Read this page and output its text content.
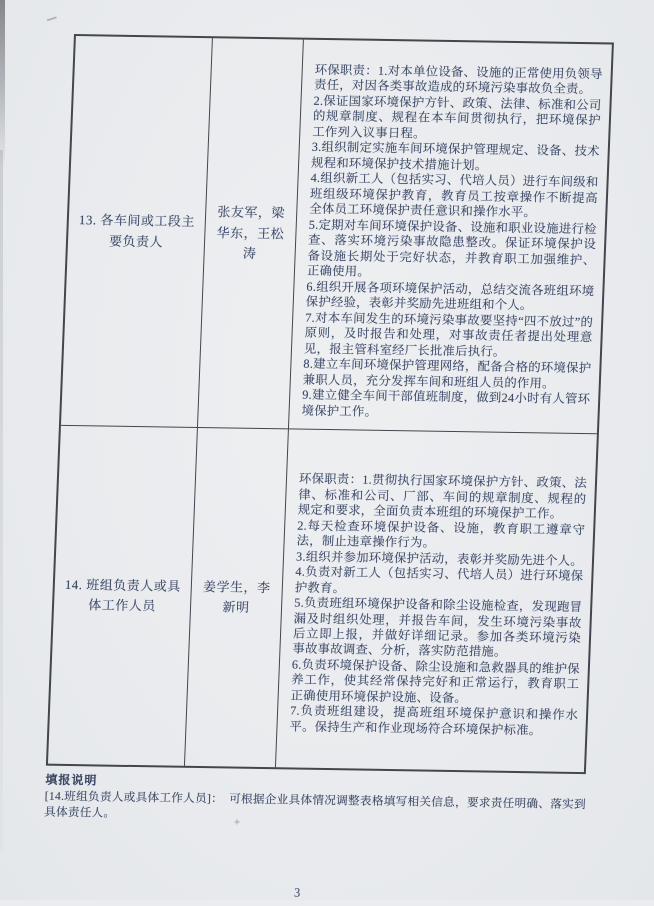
13. 各车间或工段主要负责人
张友军，梁华东，王松涛
环保职责：1.对本单位设备、设施的正常使用负领导责任，对因各类事故造成的环境污染事故负全责。
2.保证国家环境保护方针、政策、法律、标准和公司的规章制度、规程在本车间贯彻执行，把环境保护工作列入议事日程。
3.组织制定实施车间环境保护管理规定、设备、技术规程和环境保护技术措施计划。
4.组织新工人（包括实习、代培人员）进行车间级和班组级环境保护教育，教育员工按章操作不断提高全体员工环境保护责任意识和操作水平。
5.定期对车间环境保护设备、设施和职业设施进行检查、落实环境污染事故隐患整改。保证环境保护设备设施长期处于完好状态，并教育职工加强维护、正确使用。
6.组织开展各项环境保护活动，总结交流各班组环境保护经验，表彰并奖励先进班组和个人。
7.对本车间发生的环境污染事故要坚持“四不放过”的原则，及时报告和处理，对事故责任者提出处理意见，报主管科室经厂长批准后执行。
8.建立车间环境保护管理网络，配备合格的环境保护兼职人员，充分发挥车间和班组人员的作用。
9.建立健全车间干部值班制度，做到24小时有人管环境保护工作。
14. 班组负责人或具体工作人员
姜学生，李新明
环保职责：1.贯彻执行国家环境保护方针、政策、法律、标准和公司、厂部、车间的规章制度、规程的规定和要求，全面负责本班组的环境保护工作。
2.每天检查环境保护设备、设施，教育职工遵章守法，制止违章操作行为。
3.组织并参加环境保护活动，表彰并奖励先进个人。
4.负责对新工人（包括实习、代培人员）进行环境保护教育。
5.负责班组环境保护设备和除尘设施检查，发现跑冒漏及时组织处理，并报告车间，发生环境污染事故后立即上报，并做好详细记录。参加各类环境污染事故事故调查、分析，落实防范措施。
6.负责环境保护设备、除尘设施和急救器具的维护保养工作，使其经常保持完好和正常运行，教育职工正确使用环境保护设施、设备。
7.负责班组建设，提高班组环境保护意识和操作水平。保持生产和作业现场符合环境保护标准。
填报说明
[14.班组负责人或具体工作人员]：　可根据企业具体情况调整表格填写相关信息，要求责任明确、落实到具体责任人。
3
+
